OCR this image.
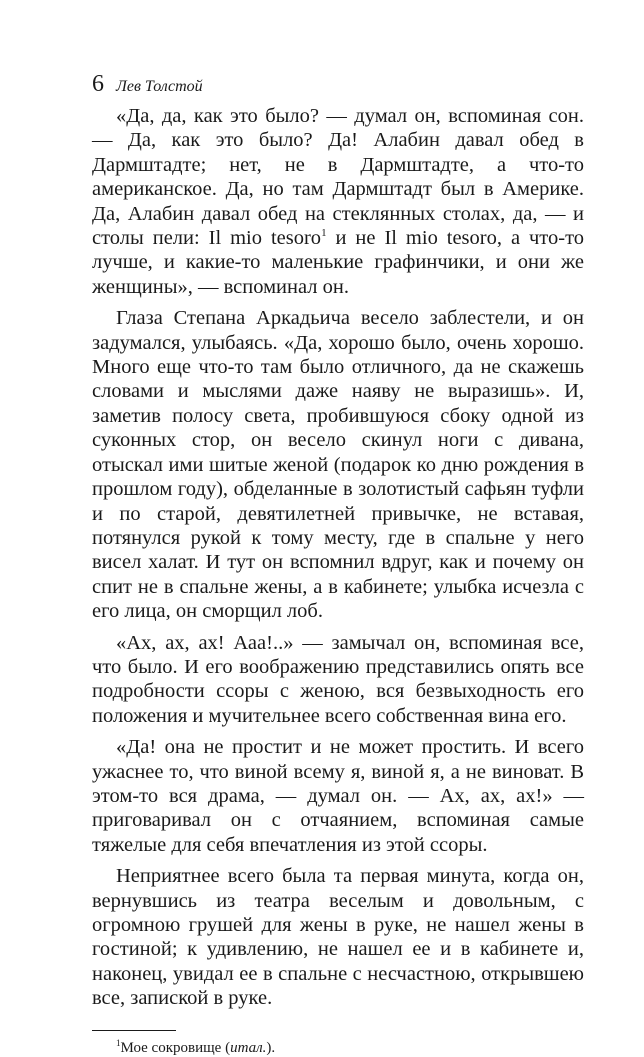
6 Лев Толстой

«Да, да, как это было? — думал он, вспоминая сон. — Да, как это было? Да! Алабин давал обед в Дармштадте; нет, не в Дармштадте, а что-то американское. Да, но там Дармштадт был в Америке. Да, Алабин давал обед на стеклянных столах, да, — и столы пели: Il mio tesoro$^1$ и не Il mio tesoro, а что-то лучше, и какие-то маленькие графинчики, и они же женщины», — вспоминал он.

Глаза Степана Аркадьича весело заблестели, и он задумался, улыбаясь. «Да, хорошо было, очень хорошо. Много еще что-то там было отличного, да не скажешь словами и мыслями даже наяву не выразишь». И, заметив полосу света, пробившуюся сбоку одной из суконных стор, он весело скинул ноги с дивана, отыскал ими шитые женой (подарок ко дню рождения в прошлом году), обделанные в золотистый сафьян туфли и по старой, девятилетней привычке, не вставая, потянулся рукой к тому месту, где в спальне у него висел халат. И тут он вспомнил вдруг, как и почему он спит не в спальне жены, а в кабинете; улыбка исчезла с его лица, он сморщил лоб.

«Ах, ах, ах! Ааа!..» — замычал он, вспоминая все, что было. И его воображению представились опять все подробности ссоры с женою, вся безвыходность его положения и мучительнее всего собственная вина его.

«Да! она не простит и не может простить. И всего ужаснее то, что виной всему я, виной я, а не виноват. В этом-то вся драма, — думал он. — Ах, ах, ах!» — приговаривал он с отчаянием, вспоминая самые тяжелые для себя впечатления из этой ссоры.

Неприятнее всего была та первая минута, когда он, вернувшись из театра веселым и довольным, с огромною грушей для жены в руке, не нашел жены в гостиной; к удивлению, не нашел ее и в кабинете и, наконец, увидал ее в спальне с несчастною, открывшею все, запиской в руке.

$^1$Мое сокровище (итал.).
